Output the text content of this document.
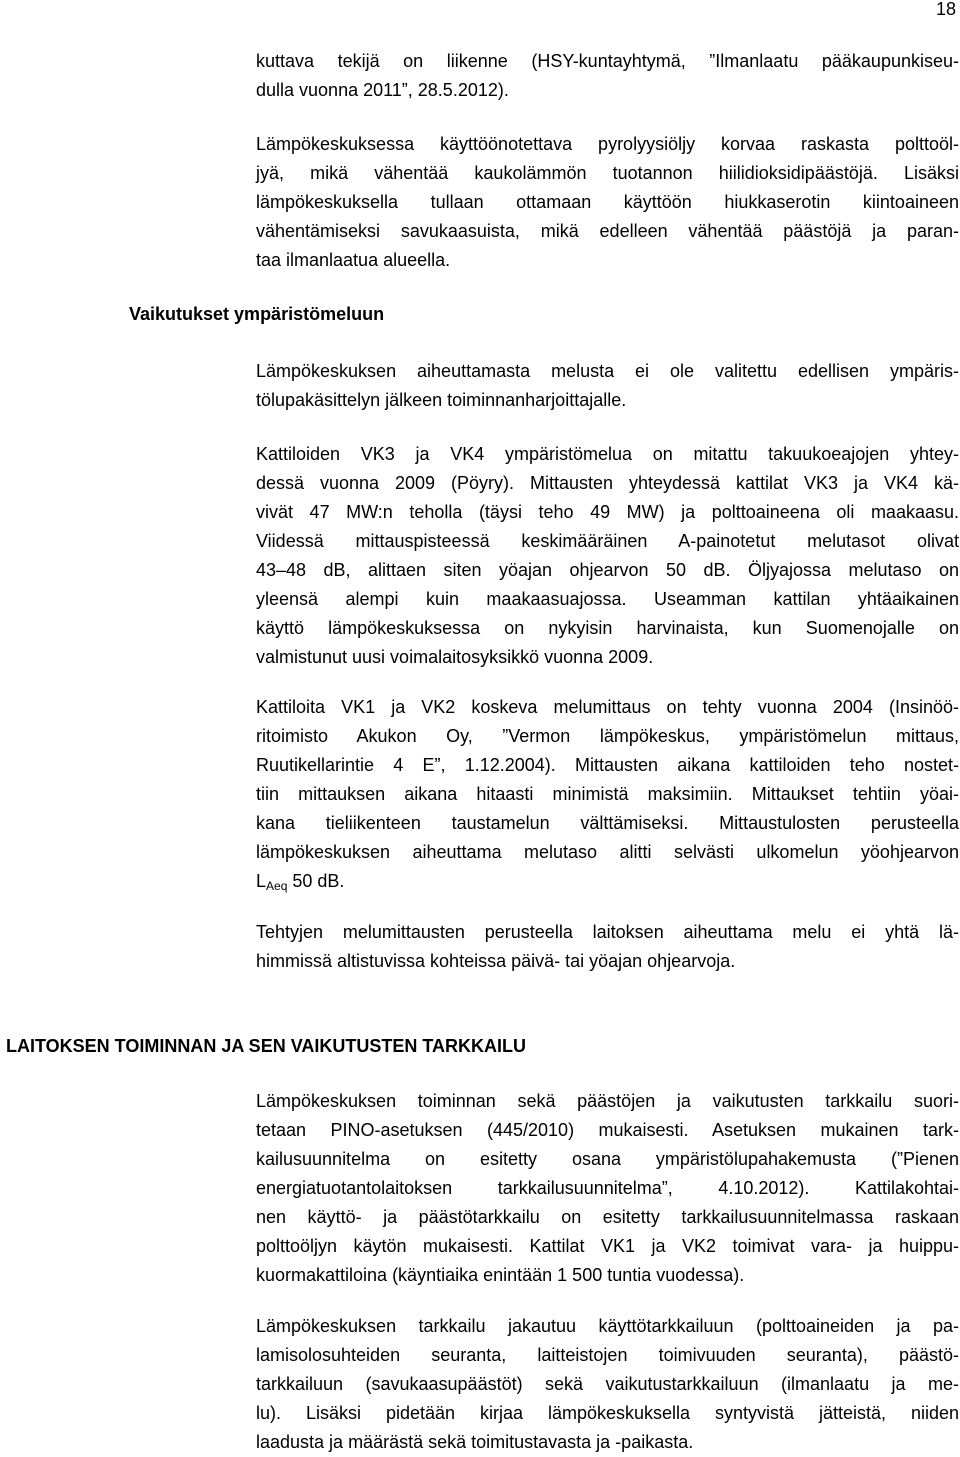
18

kuttava tekijä on liikenne (HSY-kuntayhtymä, ”Ilmanlaatu pääkaupunkiseu-
dulla vuonna 2011”, 28.5.2012).

Lämpökeskuksessa käyttöönotettava pyrolyysiöljy korvaa raskasta polttoöl-
jyä, mikä vähentää kaukolämmön tuotannon hiilidioksidipäästöjä. Lisäksi
lämpökeskuksella tullaan ottamaan käyttöön hiukkaserotin kiintoaineen
vähentämiseksi savukaasuista, mikä edelleen vähentää päästöjä ja paran-
taa ilmanlaatua alueella.

Vaikutukset ympäristömeluun

Lämpökeskuksen aiheuttamasta melusta ei ole valitettu edellisen ympäris-
tölupakäsittelyn jälkeen toiminnanharjoittajalle.

Kattiloiden VK3 ja VK4 ympäristömelua on mitattu takuukoeajojen yhtey-
dessä vuonna 2009 (Pöyry). Mittausten yhteydessä kattilat VK3 ja VK4 kä-
vivät 47 MW:n teholla (täysi teho 49 MW) ja polttoaineena oli maakaasu.
Viidessä mittauspisteessä keskimääräinen A-painotetut melutasot olivat
43–48 dB, alittaen siten yöajan ohjearvon 50 dB. Öljyajossa melutaso on
yleensä alempi kuin maakaasuajossa. Useamman kattilan yhtäaikainen
käyttö lämpökeskuksessa on nykyisin harvinaista, kun Suomenojalle on
valmistunut uusi voimalaitosyksikkö vuonna 2009.

Kattiloita VK1 ja VK2 koskeva melumittaus on tehty vuonna 2004 (Insinöö-
ritoimisto Akukon Oy, ”Vermon lämpökeskus, ympäristömelun mittaus,
Ruutikellarintie 4 E”, 1.12.2004). Mittausten aikana kattiloiden teho nostet-
tiin mittauksen aikana hitaasti minimistä maksimiin. Mittaukset tehtiin yöai-
kana tieliikenteen taustamelun välttämiseksi. Mittaustulosten perusteella
lämpökeskuksen aiheuttama melutaso alitti selvästi ulkomelun yöohjearvon
$L_{Aeq}$ 50 dB.

Tehtyjen melumittausten perusteella laitoksen aiheuttama melu ei yhtä lä-
himmissä altistuvissa kohteissa päivä- tai yöajan ohjearvoja.

LAITOKSEN TOIMINNAN JA SEN VAIKUTUSTEN TARKKAILU

Lämpökeskuksen toiminnan sekä päästöjen ja vaikutusten tarkkailu suori-
tetaan PINO-asetuksen (445/2010) mukaisesti. Asetuksen mukainen tark-
kailusuunnitelma on esitetty osana ympäristölupahakemusta (”Pienen
energiatuotantolaitoksen tarkkailusuunnitelma”, 4.10.2012). Kattilakohtai-
nen käyttö- ja päästötarkkailu on esitetty tarkkailusuunnitelmassa raskaan
polttoöljyn käytön mukaisesti. Kattilat VK1 ja VK2 toimivat vara- ja huippu-
kuormakattiloina (käyntiaika enintään 1 500 tuntia vuodessa).

Lämpökeskuksen tarkkailu jakautuu käyttötarkkailuun (polttoaineiden ja pa-
lamisolosuhteiden seuranta, laitteistojen toimivuuden seuranta), päästö-
tarkkailuun (savukaasupäästöt) sekä vaikutustarkkailuun (ilmanlaatu ja me-
lu). Lisäksi pidetään kirjaa lämpökeskuksella syntyvistä jätteistä, niiden
laadusta ja määrästä sekä toimitustavasta ja -paikasta.
